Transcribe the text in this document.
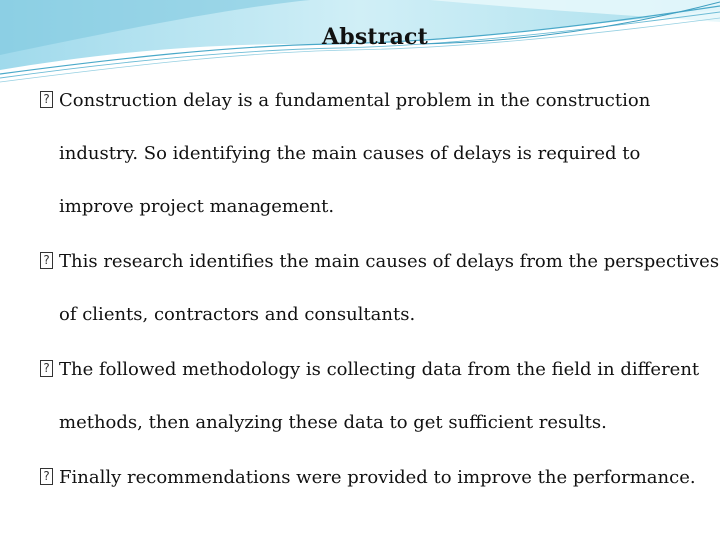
Abstract
? Construction delay is a fundamental problem in the construction industry. So identifying the main causes of delays is required to improve project management.
? This research identifies the main causes of delays from the perspectives of clients, contractors and consultants.
? The followed methodology is collecting data from the field in different methods, then analyzing these data to get sufficient results.
? Finally recommendations were provided to improve the performance.
